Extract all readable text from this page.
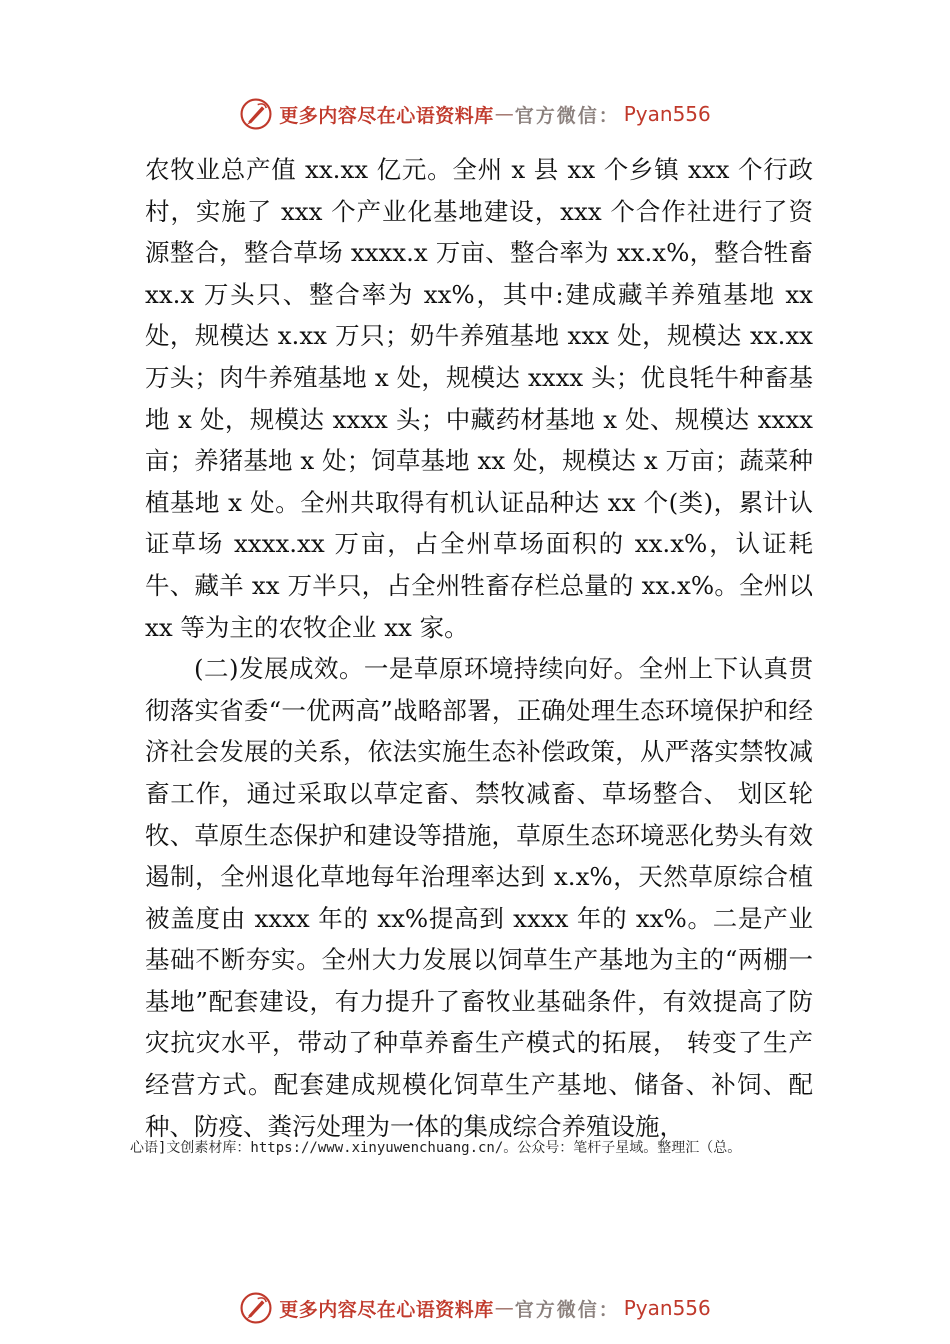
更多内容尽在心语资料库 — 官方微信： Pyan556

农牧业总产值 xx.xx 亿元。全州 x 县 xx 个乡镇 xxx 个行政村，实施了 xxx 个产业化基地建设，xxx 个合作社进行了资源整合，整合草场 xxxx.x 万亩、整合率为 xx.x%，整合牲畜 xx.x 万头只、整合率为 xx%，其中:建成藏羊养殖基地 xx 处，规模达 x.xx 万只；奶牛养殖基地 xxx 处，规模达 xx.xx 万头；肉牛养殖基地 x 处，规模达 xxxx 头；优良牦牛种畜基地 x 处，规模达 xxxx 头；中藏药材基地 x 处、规模达 xxxx 亩；养猪基地 x 处；饲草基地 xx 处，规模达 x 万亩；蔬菜种植基地 x 处。全州共取得有机认证品种达 xx 个(类)，累计认证草场 xxxx.xx 万亩，占全州草场面积的 xx.x%，认证耗牛、藏羊 xx 万半只，占全州牲畜存栏总量的 xx.x%。全州以 xx 等为主的农牧企业 xx 家。

(二)发展成效。一是草原环境持续向好。全州上下认真贯彻落实省委“一优两高”战略部署，正确处理生态环境保护和经济社会发展的关系，依法实施生态补偿政策，从严落实禁牧减畜工作，通过采取以草定畜、禁牧减畜、草场整合、 划区轮牧、草原生态保护和建设等措施，草原生态环境恶化势头有效遏制，全州退化草地每年治理率达到 x.x%，天然草原综合植被盖度由 xxxx 年的 xx%提高到 xxxx 年的 xx%。二是产业基础不断夯实。全州大力发展以饲草生产基地为主的“两棚一基地”配套建设，有力提升了畜牧业基础条件，有效提高了防灾抗灾水平，带动了种草养畜生产模式的拓展， 转变了生产经营方式。配套建成规模化饲草生产基地、储备、补饲、配种、防疫、粪污处理为一体的集成综合养殖设施，

心语]文创素材库：https://www.xinyuwenchuang.cn/。公众号：笔杆子星域。整理汇（总。
更多内容尽在心语资料库 — 官方微信： Pyan556
